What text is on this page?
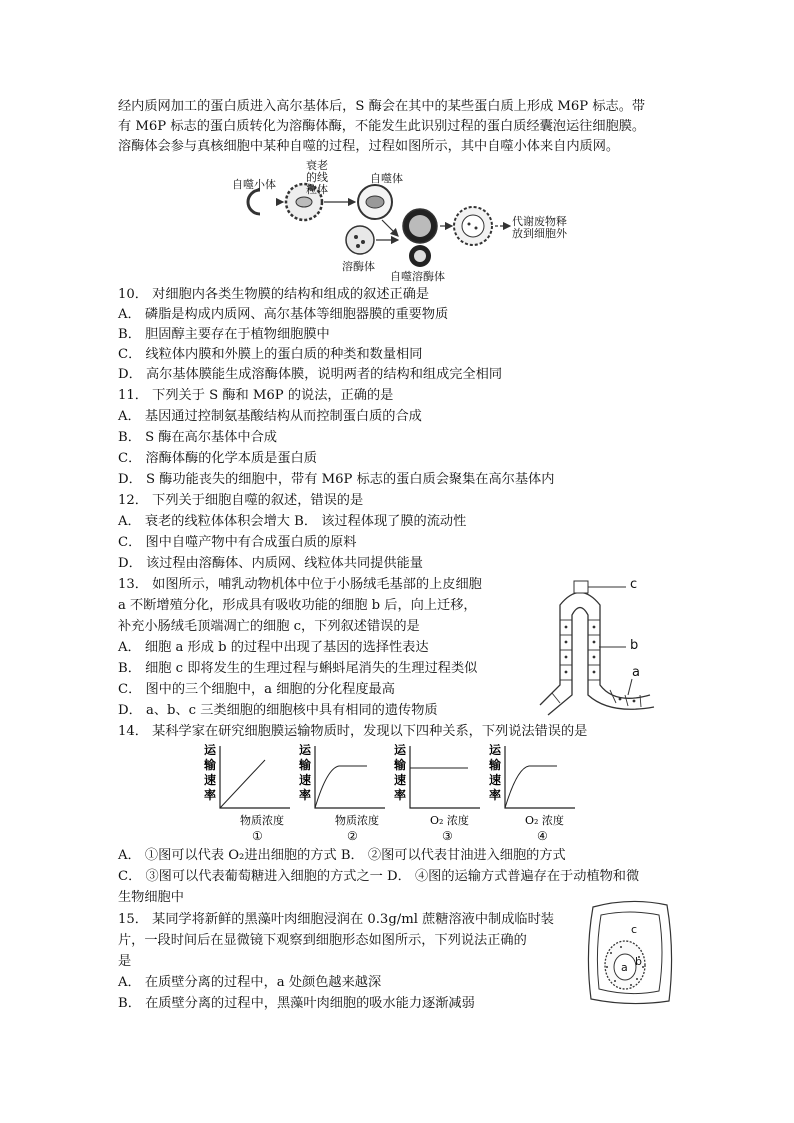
经内质网加工的蛋白质进入高尔基体后，S 酶会在其中的某些蛋白质上形成 M6P 标志。带
有 M6P 标志的蛋白质转化为溶酶体酶，不能发生此识别过程的蛋白质经囊泡运往细胞膜。
溶酶体会参与真核细胞中某种自噬的过程，过程如图所示，其中自噬小体来自内质网。
自噬小体
衰老的线粒体
自噬体
溶酶体
自噬溶酶体
代谢废物释放到细胞外
10． 对细胞内各类生物膜的结构和组成的叙述正确是
A． 磷脂是构成内质网、高尔基体等细胞器膜的重要物质
B． 胆固醇主要存在于植物细胞膜中
C． 线粒体内膜和外膜上的蛋白质的种类和数量相同
D． 高尔基体膜能生成溶酶体膜，说明两者的结构和组成完全相同
11． 下列关于 S 酶和 M6P 的说法，正确的是
A． 基因通过控制氨基酸结构从而控制蛋白质的合成
B． S 酶在高尔基体中合成
C． 溶酶体酶的化学本质是蛋白质
D． S 酶功能丧失的细胞中，带有 M6P 标志的蛋白质会聚集在高尔基体内
12． 下列关于细胞自噬的叙述，错误的是
A． 衰老的线粒体体积会增大 B． 该过程体现了膜的流动性
C． 图中自噬产物中有合成蛋白质的原料
D． 该过程由溶酶体、内质网、线粒体共同提供能量
13． 如图所示，哺乳动物机体中位于小肠绒毛基部的上皮细胞
a 不断增殖分化，形成具有吸收功能的细胞 b 后，向上迁移，
补充小肠绒毛顶端凋亡的细胞 c，下列叙述错误的是
A． 细胞 a 形成 b 的过程中出现了基因的选择性表达
B． 细胞 c 即将发生的生理过程与蝌蚪尾消失的生理过程类似
C． 图中的三个细胞中，a 细胞的分化程度最高
D． a、b、c 三类细胞的细胞核中具有相同的遗传物质
c
b
a
14． 某科学家在研究细胞膜运输物质时，发现以下四种关系，下列说法错误的是
运
输
速
率
物质浓度
①
运
输
速
率
物质浓度
②
运
输
速
率
O₂ 浓度
③
运
输
速
率
O₂ 浓度
④
A． ①图可以代表 O₂进出细胞的方式 B． ②图可以代表甘油进入细胞的方式
C． ③图可以代表葡萄糖进入细胞的方式之一 D． ④图的运输方式普遍存在于动植物和微
生物细胞中
15． 某同学将新鲜的黑藻叶肉细胞浸润在 0.3g/ml 蔗糖溶液中制成临时装
片，一段时间后在显微镜下观察到细胞形态如图所示，下列说法正确的
是
A． 在质壁分离的过程中，a 处颜色越来越深
B． 在质壁分离的过程中，黑藻叶肉细胞的吸水能力逐渐减弱
c
b
a
